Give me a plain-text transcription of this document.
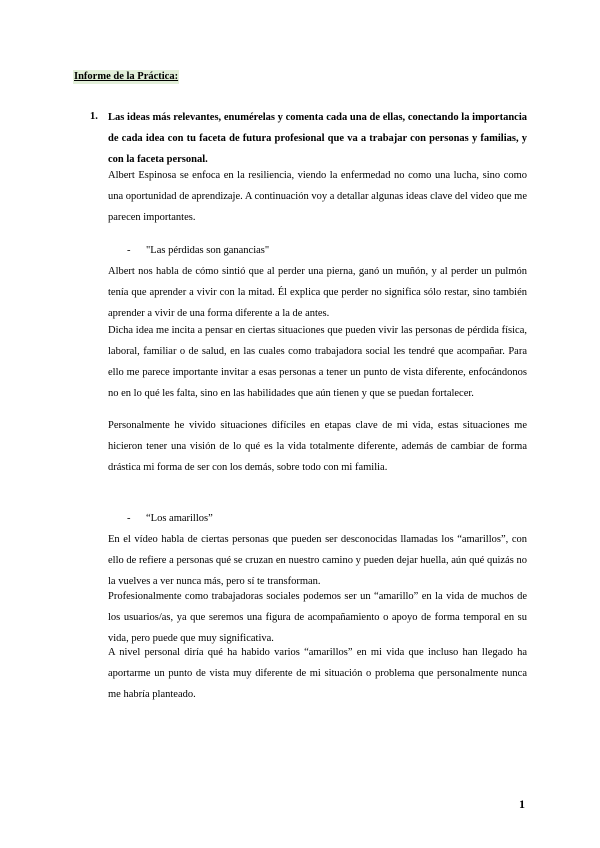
Informe de la Práctica:
1. Las ideas más relevantes, enumérelas y comenta cada una de ellas, conectando la importancia de cada idea con tu faceta de futura profesional que va a trabajar con personas y familias, y con la faceta personal.

Albert Espinosa se enfoca en la resiliencia, viendo la enfermedad no como una lucha, sino como una oportunidad de aprendizaje. A continuación voy a detallar algunas ideas clave del video que me parecen importantes.

- "Las pérdidas son ganancias"

Albert nos habla de cómo sintió que al perder una pierna, ganó un muñón, y al perder un pulmón tenía que aprender a vivir con la mitad. Él explica que perder no significa sólo restar, sino también aprender a vivir de una forma diferente a la de antes.

Dicha idea me incita a pensar en ciertas situaciones que pueden vivir las personas de pérdida física, laboral, familiar o de salud, en las cuales como trabajadora social les tendré que acompañar. Para ello me parece importante invitar a esas personas a tener un punto de vista diferente, enfocándonos no en lo qué les falta, sino en las habilidades que aún tienen y que se puedan fortalecer.

Personalmente he vivido situaciones difíciles en etapas clave de mi vida, estas situaciones me hicieron tener una visión de lo qué es la vida totalmente diferente, además de cambiar de forma drástica mi forma de ser con los demás, sobre todo con mi familia.

- “Los amarillos”

En el vídeo habla de ciertas personas que pueden ser desconocidas llamadas los “amarillos”, con ello de refiere a personas qué se cruzan en nuestro camino y pueden dejar huella, aún qué quizás no la vuelves a ver nunca más, pero sí te transforman.

Profesionalmente como trabajadoras sociales podemos ser un “amarillo” en la vida de muchos de los usuarios/as, ya que seremos una figura de acompañamiento o apoyo de forma temporal en su vida, pero puede que muy significativa.

A nivel personal diría qué ha habido varios “amarillos” en mi vida que incluso han llegado ha aportarme un punto de vista muy diferente de mi situación o problema que personalmente nunca me habría planteado.

1
